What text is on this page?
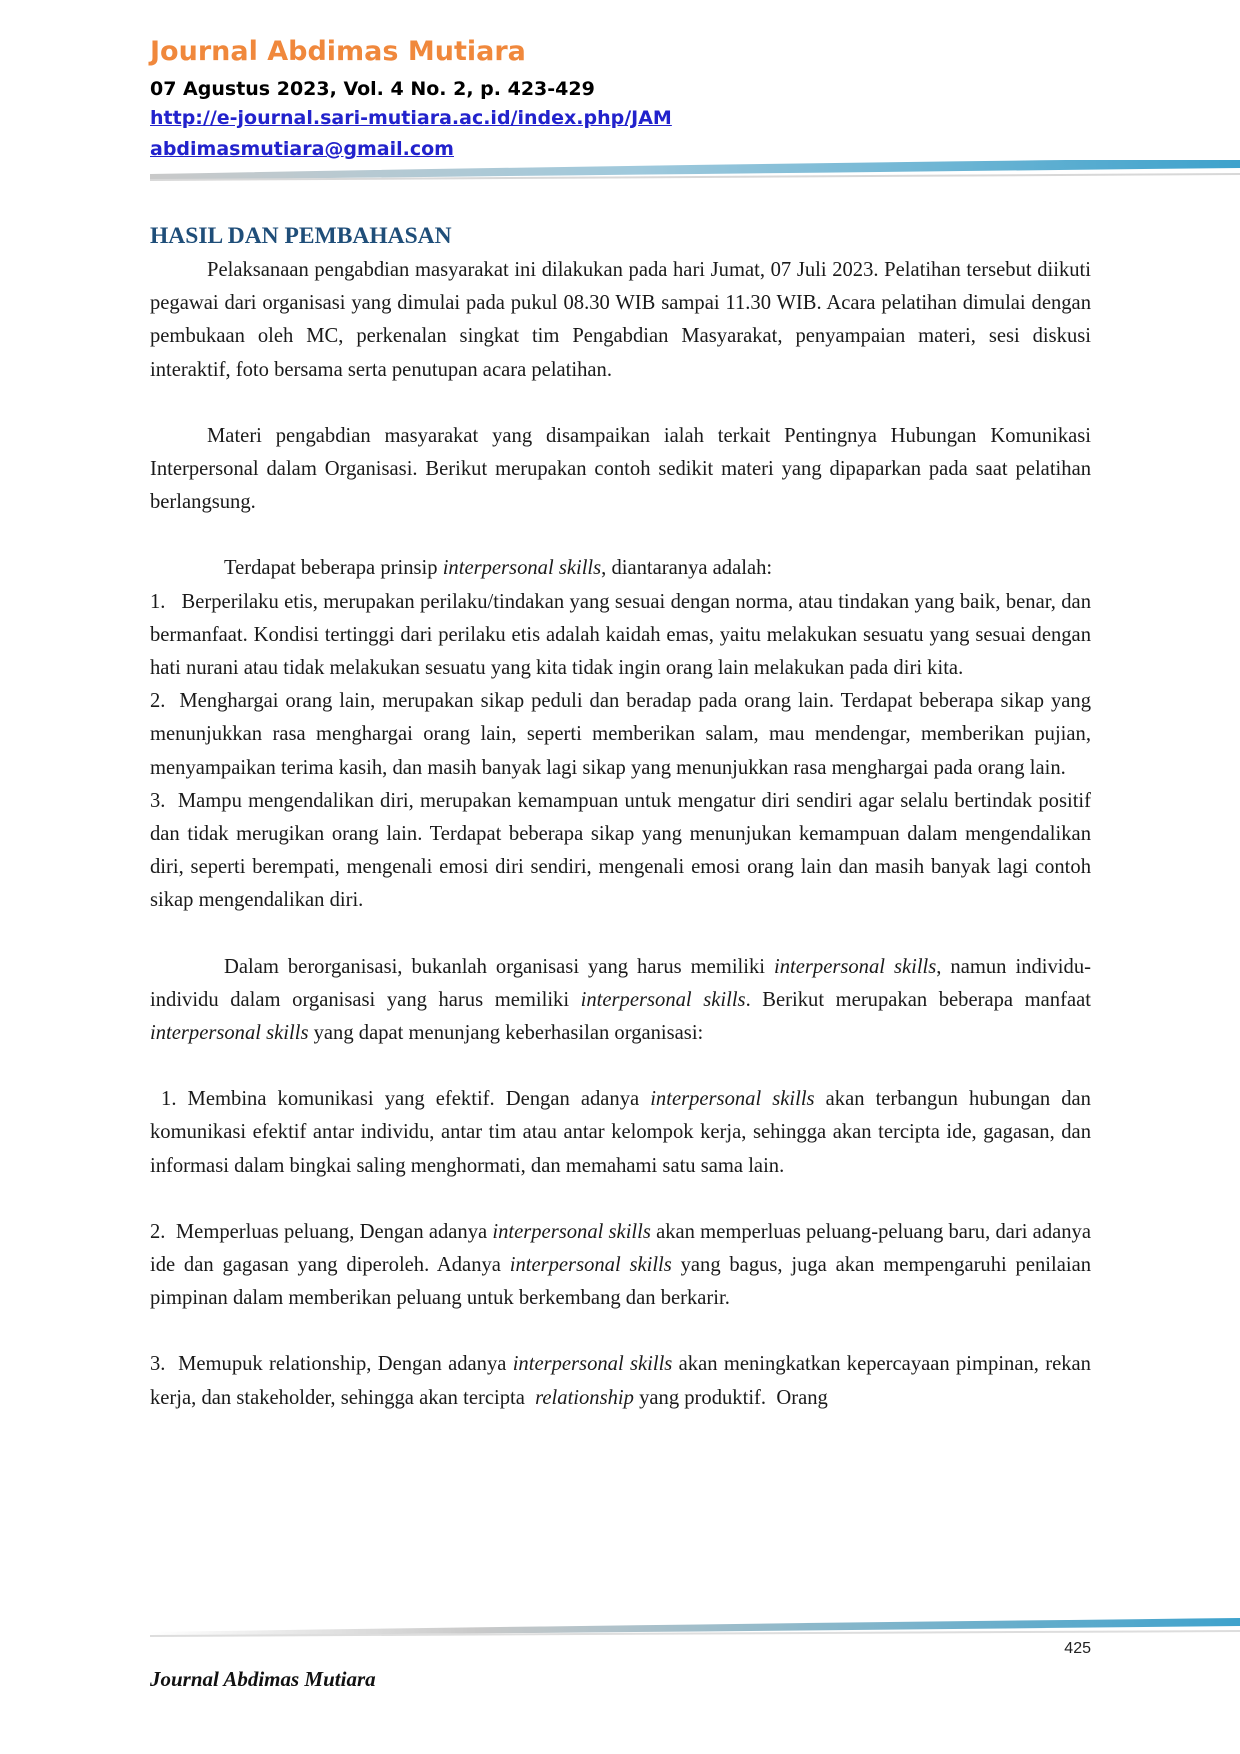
Journal Abdimas Mutiara
07 Agustus 2023, Vol. 4 No. 2, p. 423-429
http://e-journal.sari-mutiara.ac.id/index.php/JAM
abdimasmutiara@gmail.com
HASIL DAN PEMBAHASAN

Pelaksanaan pengabdian masyarakat ini dilakukan pada hari Jumat, 07 Juli 2023. Pelatihan tersebut diikuti pegawai dari organisasi yang dimulai pada pukul 08.30 WIB sampai 11.30 WIB. Acara pelatihan dimulai dengan pembukaan oleh MC, perkenalan singkat tim Pengabdian Masyarakat, penyampaian materi, sesi diskusi interaktif, foto bersama serta penutupan acara pelatihan.

Materi pengabdian masyarakat yang disampaikan ialah terkait Pentingnya Hubungan Komunikasi Interpersonal dalam Organisasi. Berikut merupakan contoh sedikit materi yang dipaparkan pada saat pelatihan berlangsung.

Terdapat beberapa prinsip interpersonal skills, diantaranya adalah:

1.   Berperilaku etis, merupakan perilaku/tindakan yang sesuai dengan norma, atau tindakan yang baik, benar, dan bermanfaat. Kondisi tertinggi dari perilaku etis adalah kaidah emas, yaitu melakukan sesuatu yang sesuai dengan hati nurani atau tidak melakukan sesuatu yang kita tidak ingin orang lain melakukan pada diri kita.

2.  Menghargai orang lain, merupakan sikap peduli dan beradap pada orang lain. Terdapat beberapa sikap yang menunjukkan rasa menghargai orang lain, seperti memberikan salam, mau mendengar, memberikan pujian, menyampaikan terima kasih, dan masih banyak lagi sikap yang menunjukkan rasa menghargai pada orang lain.

3.  Mampu mengendalikan diri, merupakan kemampuan untuk mengatur diri sendiri agar selalu bertindak positif dan tidak merugikan orang lain. Terdapat beberapa sikap yang menunjukan kemampuan dalam mengendalikan diri, seperti berempati, mengenali emosi diri sendiri, mengenali emosi orang lain dan masih banyak lagi contoh sikap mengendalikan diri.

Dalam berorganisasi, bukanlah organisasi yang harus memiliki interpersonal skills, namun individu-individu dalam organisasi yang harus memiliki interpersonal skills. Berikut merupakan beberapa manfaat interpersonal skills yang dapat menunjang keberhasilan organisasi:

1. Membina komunikasi yang efektif. Dengan adanya interpersonal skills akan terbangun hubungan dan komunikasi efektif antar individu, antar tim atau antar kelompok kerja, sehingga akan tercipta ide, gagasan, dan informasi dalam bingkai saling menghormati, dan memahami satu sama lain.

2.  Memperluas peluang, Dengan adanya interpersonal skills akan memperluas peluang-peluang baru, dari adanya ide dan gagasan yang diperoleh. Adanya interpersonal skills yang bagus, juga akan mempengaruhi penilaian pimpinan dalam memberikan peluang untuk berkembang dan berkarir.

3.  Memupuk relationship, Dengan adanya interpersonal skills akan meningkatkan kepercayaan pimpinan, rekan kerja, dan stakeholder, sehingga akan tercipta  relationship yang produktif.  Orang

425
Journal Abdimas Mutiara
